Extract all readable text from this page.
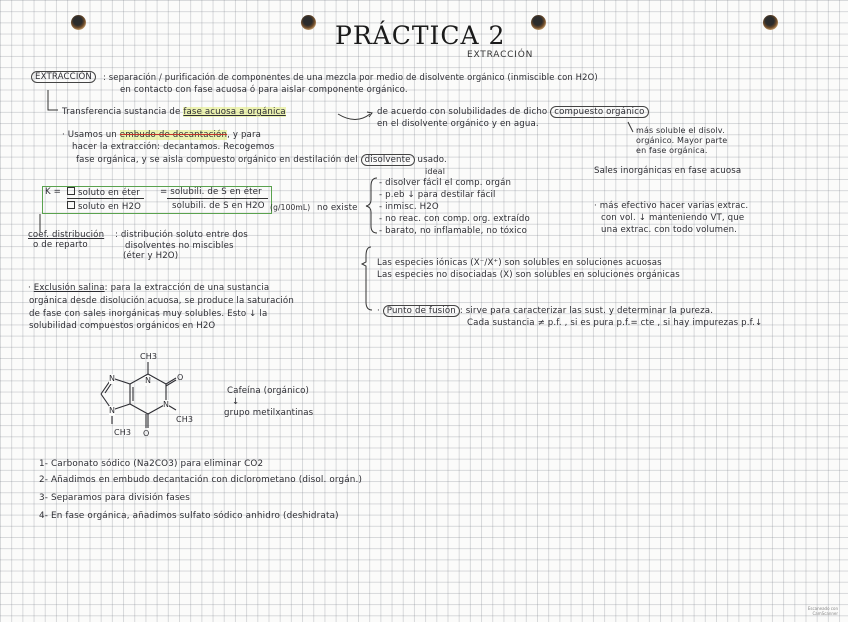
PRÁCTICA 2
EXTRACCIÓN
EXTRACCIÓN	: separación / purificación de componentes de una mezcla por medio de disolvente orgánico (inmiscible con H2O)
en contacto con fase acuosa ó para aislar componente orgánico.
Transferencia sustancia de fase acuosa a orgánica	de acuerdo con solubilidades de dicho compuesto orgánico
en el disolvente orgánico y en agua.
más soluble el disolv.
orgánico. Mayor parte
en fase orgánica.
· Usamos un embudo de decantación, y para
hacer la extracción: decantamos. Recogemos
fase orgánica, y se aisla compuesto orgánico en destilación del disolvente usado.
ideal
- disolver fácil el comp. orgán
- p.eb ↓ para destilar fácil
- inmisc. H2O
- no reac. con comp. org. extraído
- barato, no inflamable, no tóxico
Sales inorgánicas en fase acuosa
· más efectivo hacer varias extrac.
con vol. ↓ manteniendo VT, que
una extrac. con todo volumen.
K =	soluto en éter = solubili. de S en éter
soluto en H2O	solubili. de S en H2O (g/100mL) no existe
coef. distribución
o de reparto
: distribución soluto entre dos
disolventes no miscibles
(éter y H2O)
Las especies iónicas (X⁻/X⁺) son solubles en soluciones acuosas
Las especies no disociadas (X) son solubles en soluciones orgánicas
· Punto de fusión : sirve para caracterizar las sust. y determinar la pureza.
Cada sustancia ≠ p.f. , si es pura p.f.= cte , si hay impurezas p.f.↓
· Exclusión salina: para la extracción de una sustancia
orgánica desde disolución acuosa, se produce la saturación
de fase con sales inorgánicas muy solubles. Esto ↓ la
solubilidad compuestos orgánicos en H2O
CH3
N	O
N
CH3
O
N
N
CH3
Cafeína (orgánico)
↓
grupo metilxantinas
1- Carbonato sódico (Na2CO3) para eliminar CO2
2- Añadimos en embudo decantación con diclorometano (disol. orgán.)
3- Separamos para división fases
4- En fase orgánica, añadimos sulfato sódico anhidro (deshidrata)
Escaneado con
CamScanner
